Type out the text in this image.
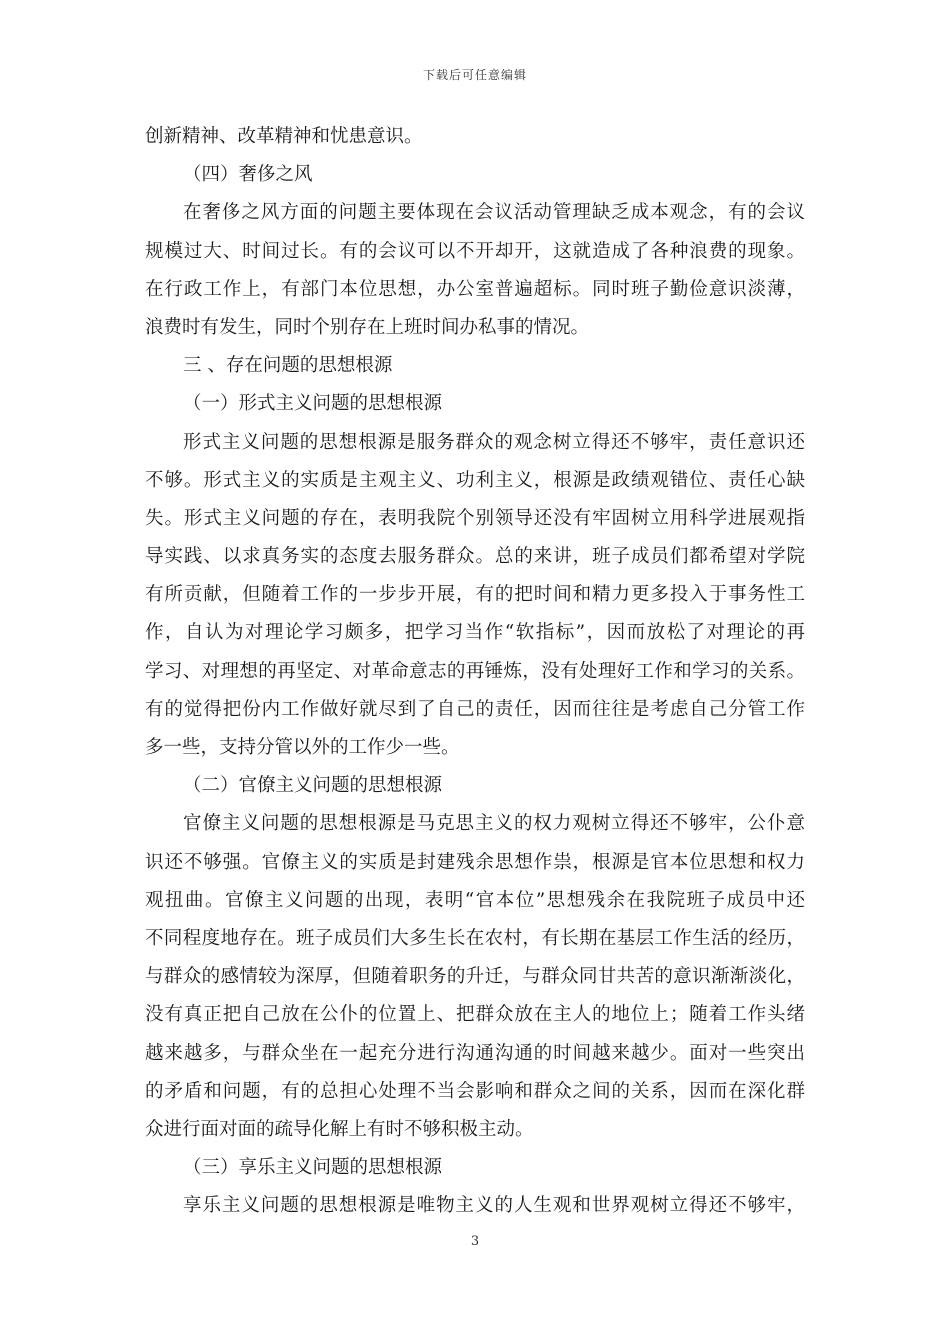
下载后可任意编辑
创新精神、改革精神和忧患意识。
（四）奢侈之风
在奢侈之风方面的问题主要体现在会议活动管理缺乏成本观念，有的会议
规模过大、时间过长。有的会议可以不开却开，这就造成了各种浪费的现象。
在行政工作上，有部门本位思想，办公室普遍超标。同时班子勤俭意识淡薄，
浪费时有发生，同时个别存在上班时间办私事的情况。
三 、存在问题的思想根源
（一）形式主义问题的思想根源
形式主义问题的思想根源是服务群众的观念树立得还不够牢，责任意识还
不够。形式主义的实质是主观主义、功利主义，根源是政绩观错位、责任心缺
失。形式主义问题的存在，表明我院个别领导还没有牢固树立用科学进展观指
导实践、以求真务实的态度去服务群众。总的来讲，班子成员们都希望对学院
有所贡献，但随着工作的一步步开展，有的把时间和精力更多投入于事务性工
作，自认为对理论学习颇多，把学习当作“软指标”，因而放松了对理论的再
学习、对理想的再坚定、对革命意志的再锤炼，没有处理好工作和学习的关系。
有的觉得把份内工作做好就尽到了自己的责任，因而往往是考虑自己分管工作
多一些，支持分管以外的工作少一些。
（二）官僚主义问题的思想根源
官僚主义问题的思想根源是马克思主义的权力观树立得还不够牢，公仆意
识还不够强。官僚主义的实质是封建残余思想作祟，根源是官本位思想和权力
观扭曲。官僚主义问题的出现，表明“官本位”思想残余在我院班子成员中还
不同程度地存在。班子成员们大多生长在农村，有长期在基层工作生活的经历，
与群众的感情较为深厚，但随着职务的升迁，与群众同甘共苦的意识渐渐淡化，
没有真正把自己放在公仆的位置上、把群众放在主人的地位上；随着工作头绪
越来越多，与群众坐在一起充分进行沟通沟通的时间越来越少。面对一些突出
的矛盾和问题，有的总担心处理不当会影响和群众之间的关系，因而在深化群
众进行面对面的疏导化解上有时不够积极主动。
（三）享乐主义问题的思想根源
享乐主义问题的思想根源是唯物主义的人生观和世界观树立得还不够牢，
3
